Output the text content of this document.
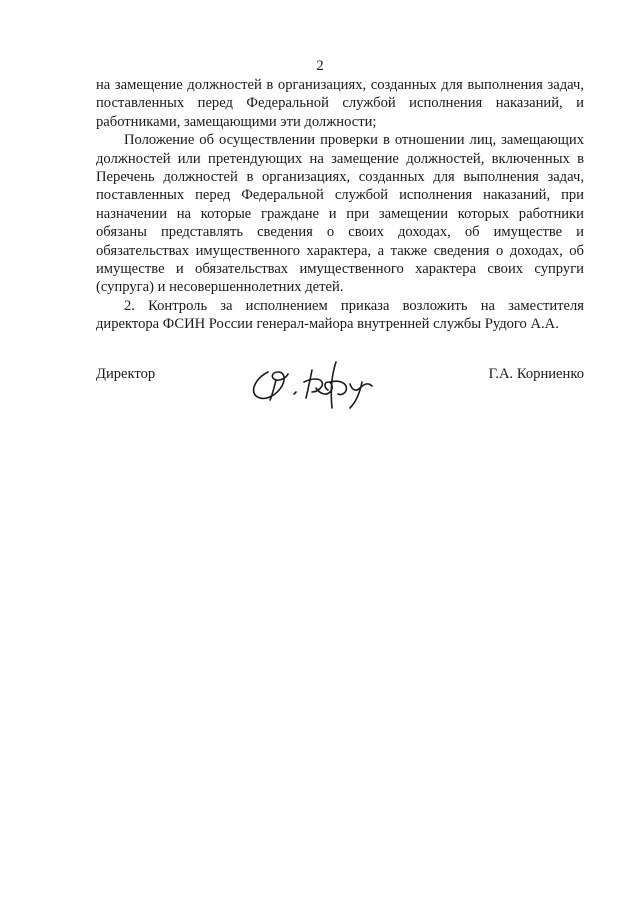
2

на замещение должностей в организациях, созданных для выполнения задач, поставленных перед Федеральной службой исполнения наказаний, и работниками, замещающими эти должности;

Положение об осуществлении проверки в отношении лиц, замещающих должностей или претендующих на замещение должностей, включенных в Перечень должностей в организациях, созданных для выполнения задач, поставленных перед Федеральной службой исполнения наказаний, при назначении на которые граждане и при замещении которых работники обязаны представлять сведения о своих доходах, об имуществе и обязательствах имущественного характера, а также сведения о доходах, об имуществе и обязательствах имущественного характера своих супруги (супруга) и несовершеннолетних детей.

2. Контроль за исполнением приказа возложить на заместителя директора ФСИН России генерал-майора внутренней службы Рудого А.А.

Директор	Г.А. Корниенко
